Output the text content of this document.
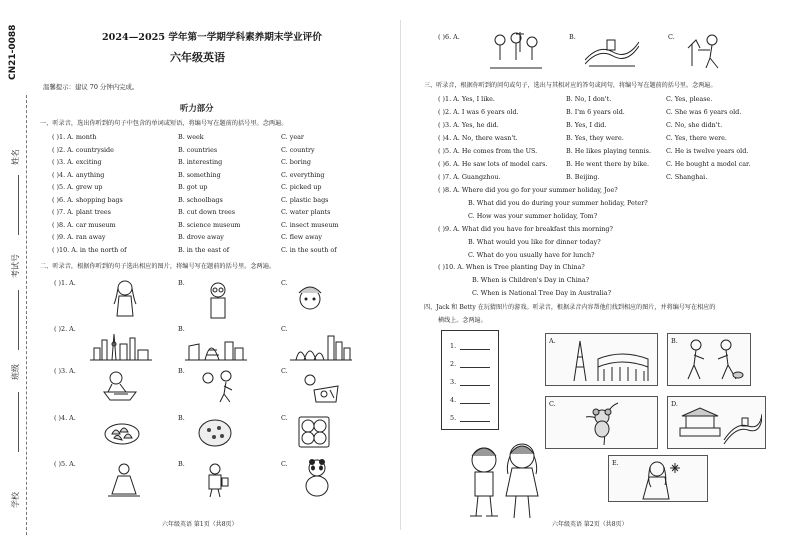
CN21-0088
姓名
考试号
班级
学校
2024—2025 学年第一学期学科素养期末学业评价
六年级英语
温馨提示：建议 70 分钟内完成。
听力部分
一、听录音，选出你听到的句子中包含的单词或短语，将编号写在题前的括号里。念两遍。
( )1. A. month	B. week	C. year
( )2. A. countryside	B. countries	C. country
( )3. A. exciting	B. interesting	C. boring
( )4. A. anything	B. something	C. everything
( )5. A. grew up	B. got up	C. picked up
( )6. A. shopping bags	B. schoolbags	C. plastic bags
( )7. A. plant trees	B. cut down trees	C. water plants
( )8. A. car museum	B. science museum	C. insect museum
( )9. A. ran away	B. drove away	C. flew away
( )10. A. in the north of	B. in the east of	C. in the south of
二、听录音，根据你听到的句子选出相应的图片，将编号写在题前的括号里。念两遍。
( )1. A.	B.	C.
( )2. A.	B.	C.
( )3. A.	B.	C.
( )4. A.	B.	C.
( )5. A.	B.	C.
六年级英语 第1页（共8页）
( )6. A.	B.	C.
三、听录音，根据你听到的问句或句子，选出与其相对应的答句或问句，将编号写在题前的括号里。念两遍。
( )1. A. Yes, I like.	B. No, I don't.	C. Yes, please.
( )2. A. I was 6 years old.	B. I'm 6 years old.	C. She was 6 years old.
( )3. A. Yes, he did.	B. Yes, I did.	C. No, she didn't.
( )4. A. No, there wasn't.	B. Yes, they were.	C. Yes, there were.
( )5. A. He comes from the US.	B. He likes playing tennis. C. He is twelve years old.
( )6. A. He saw lots of model cars.	B. He went there by bike.	C. He bought a model car.
( )7. A. Guangzhou.	B. Beijing.	C. Shanghai.
( )8. A. Where did you go for your summer holiday, Joe?
B. What did you do during your summer holiday, Peter?
C. How was your summer holiday, Tom?
( )9. A. What did you have for breakfast this morning?
B. What would you like for dinner today?
C. What do you usually have for lunch?
( )10. A. When is Tree planting Day in China?
B. When is Children's Day in China?
C. When is National Tree Day in Australia?
四、Jack 和 Betty 在玩猜图片的游戏。听录音，根据录音内容帮他们找到相应的图片，并将编号写在相应的
横线上。念两遍。
1.
2.
3.
4.
5.
A.	B.
C.	D.
E.
六年级英语 第2页（共8页）
